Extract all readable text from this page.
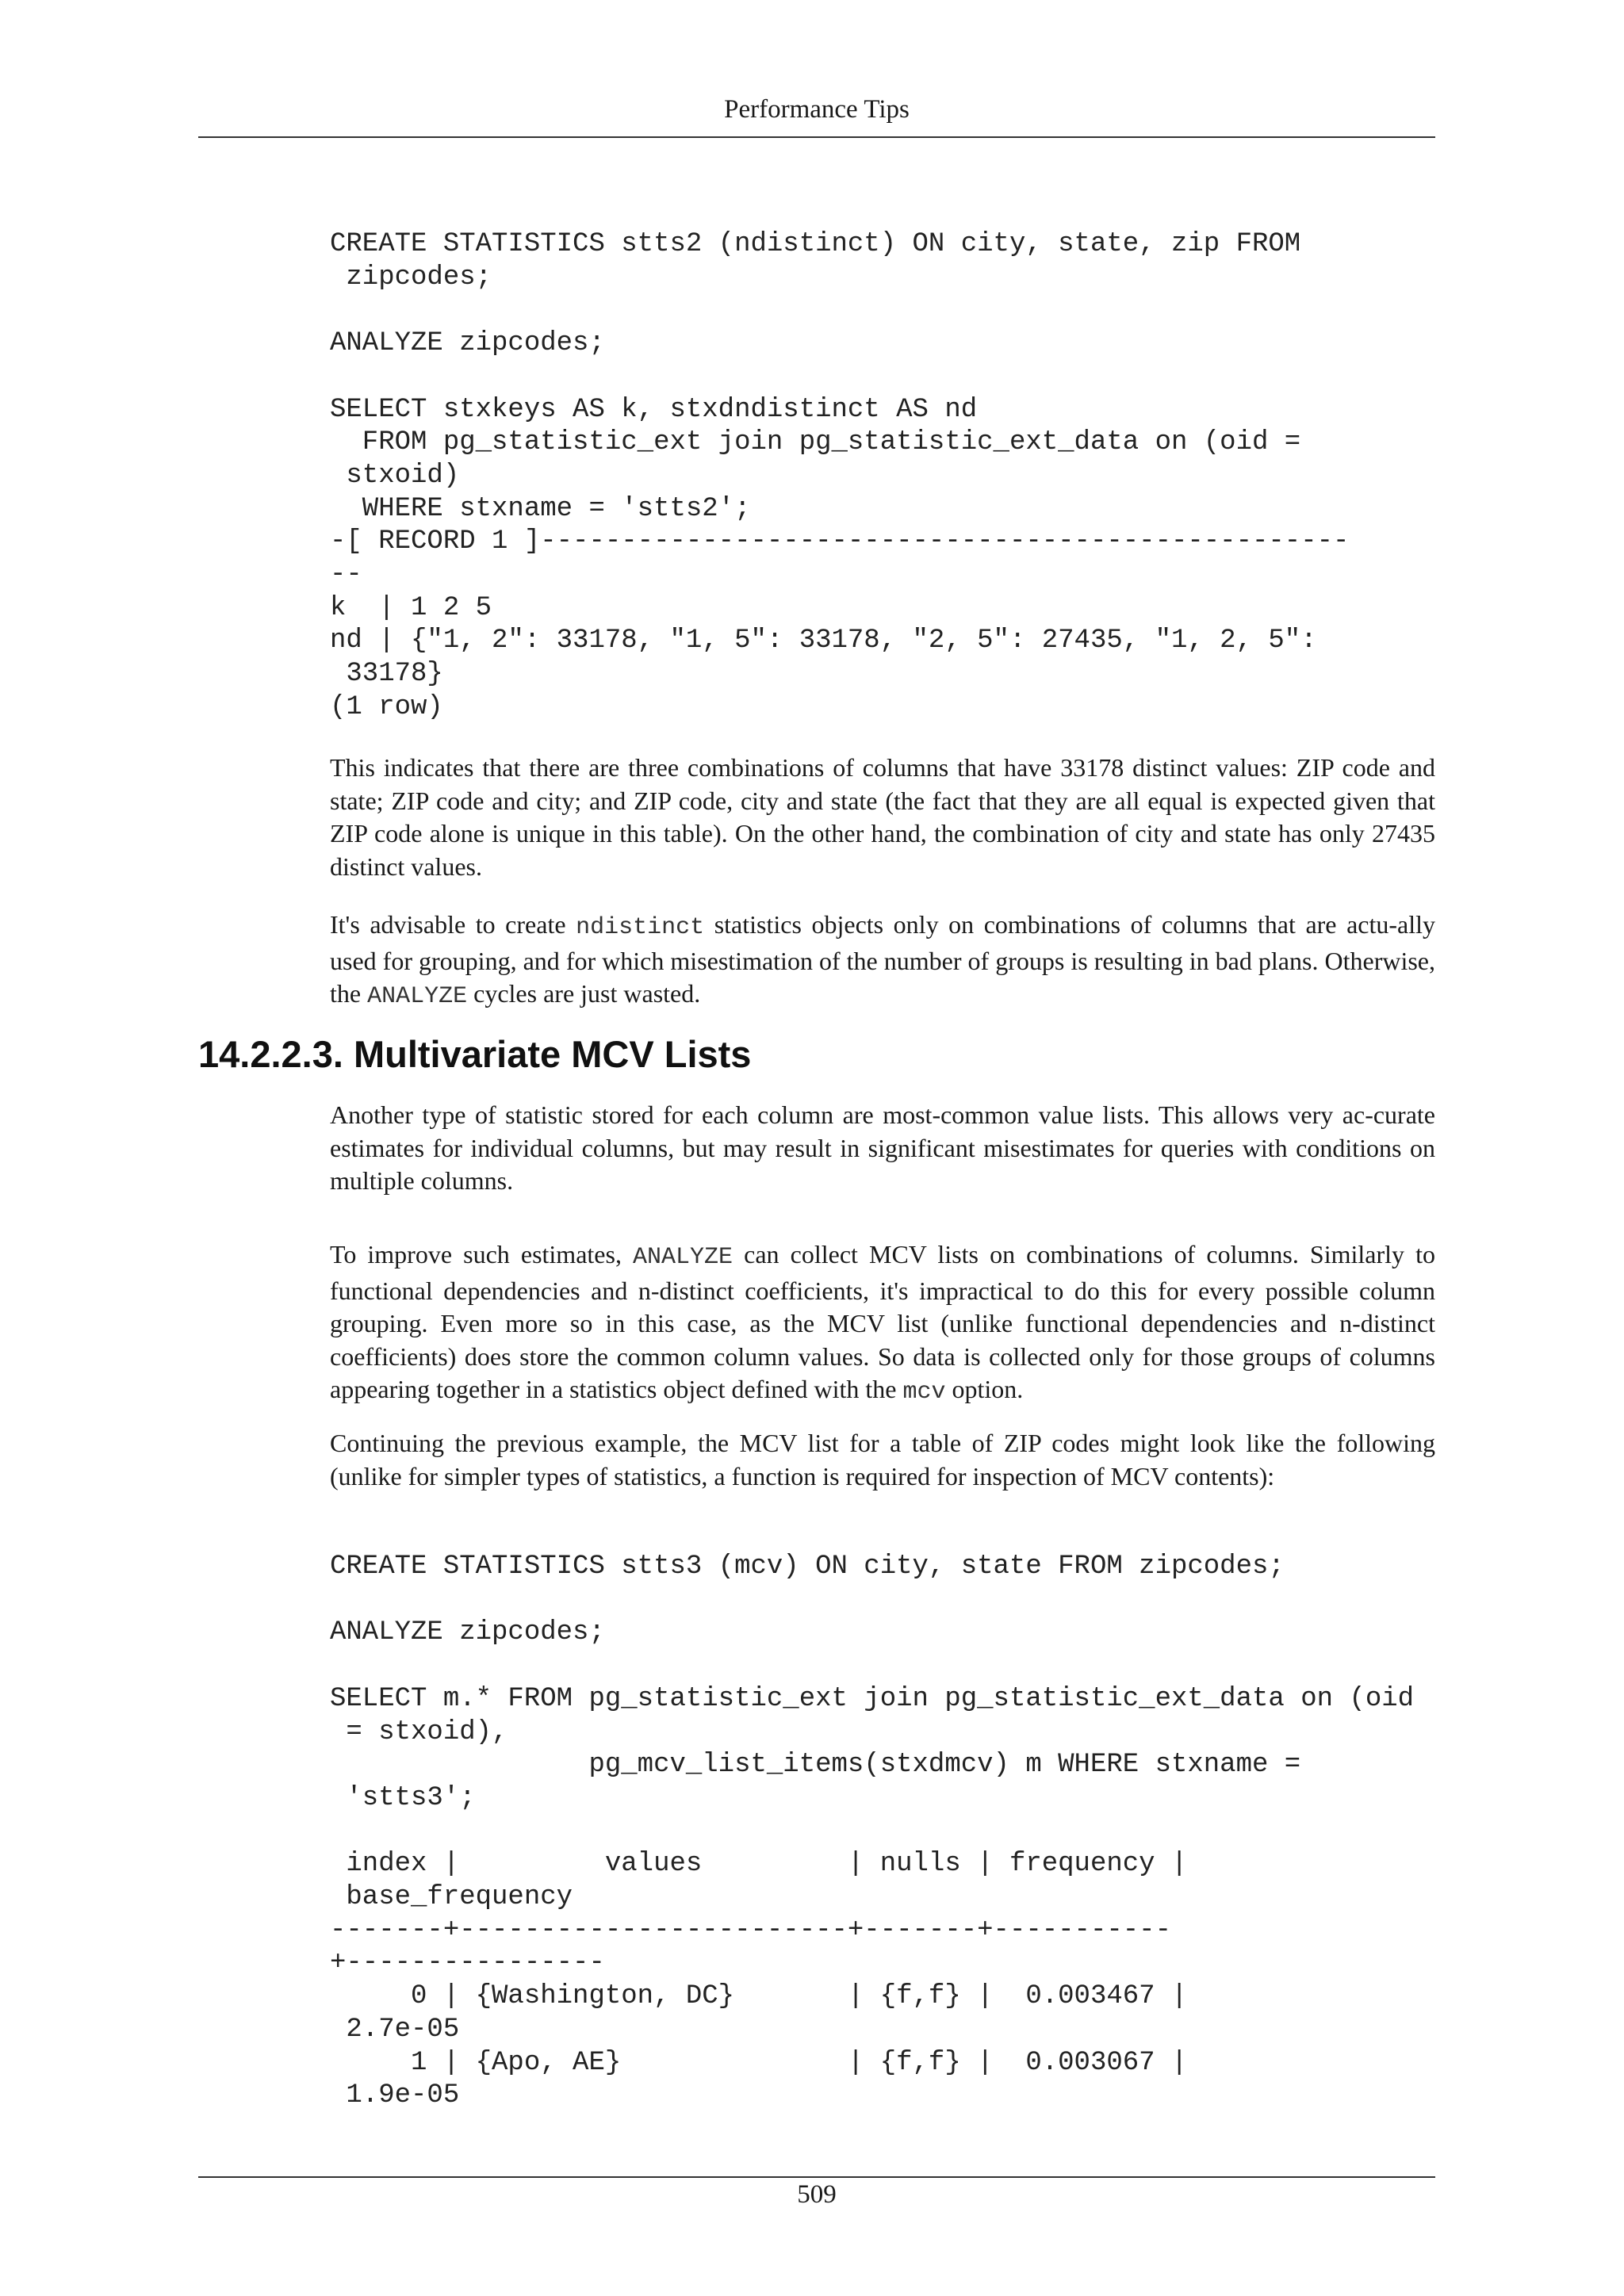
Performance Tips
CREATE STATISTICS stts2 (ndistinct) ON city, state, zip FROM
zipcodes;

ANALYZE zipcodes;

SELECT stxkeys AS k, stxdndistinct AS nd
FROM pg_statistic_ext join pg_statistic_ext_data on (oid =
stxoid)
WHERE stxname = 'stts2';
-[ RECORD 1 ]--------------------------------------------------
--
k  | 1 2 5
nd | {"1, 2": 33178, "1, 5": 33178, "2, 5": 27435, "1, 2, 5":
33178}
(1 row)

This indicates that there are three combinations of columns that have 33178 distinct values: ZIP code and state; ZIP code and city; and ZIP code, city and state (the fact that they are all equal is expected given that ZIP code alone is unique in this table). On the other hand, the combination of city and state has only 27435 distinct values.

It's advisable to create ndistinct statistics objects only on combinations of columns that are actu-ally used for grouping, and for which misestimation of the number of groups is resulting in bad plans. Otherwise, the ANALYZE cycles are just wasted.

14.2.2.3. Multivariate MCV Lists

Another type of statistic stored for each column are most-common value lists. This allows very ac-curate estimates for individual columns, but may result in significant misestimates for queries with conditions on multiple columns.

To improve such estimates, ANALYZE can collect MCV lists on combinations of columns. Similarly to functional dependencies and n-distinct coefficients, it's impractical to do this for every possible column grouping. Even more so in this case, as the MCV list (unlike functional dependencies and n-distinct coefficients) does store the common column values. So data is collected only for those groups of columns appearing together in a statistics object defined with the mcv option.

Continuing the previous example, the MCV list for a table of ZIP codes might look like the following (unlike for simpler types of statistics, a function is required for inspection of MCV contents):

CREATE STATISTICS stts3 (mcv) ON city, state FROM zipcodes;

ANALYZE zipcodes;

SELECT m.* FROM pg_statistic_ext join pg_statistic_ext_data on (oid
= stxoid),
pg_mcv_list_items(stxdmcv) m WHERE stxname =
'stts3';

index |         values         | nulls | frequency |
base_frequency
-------+------------------------+-------+-----------
+----------------
0 | {Washington, DC}       | {f,f} |  0.003467 |
2.7e-05
1 | {Apo, AE}              | {f,f} |  0.003067 |
1.9e-05
509
